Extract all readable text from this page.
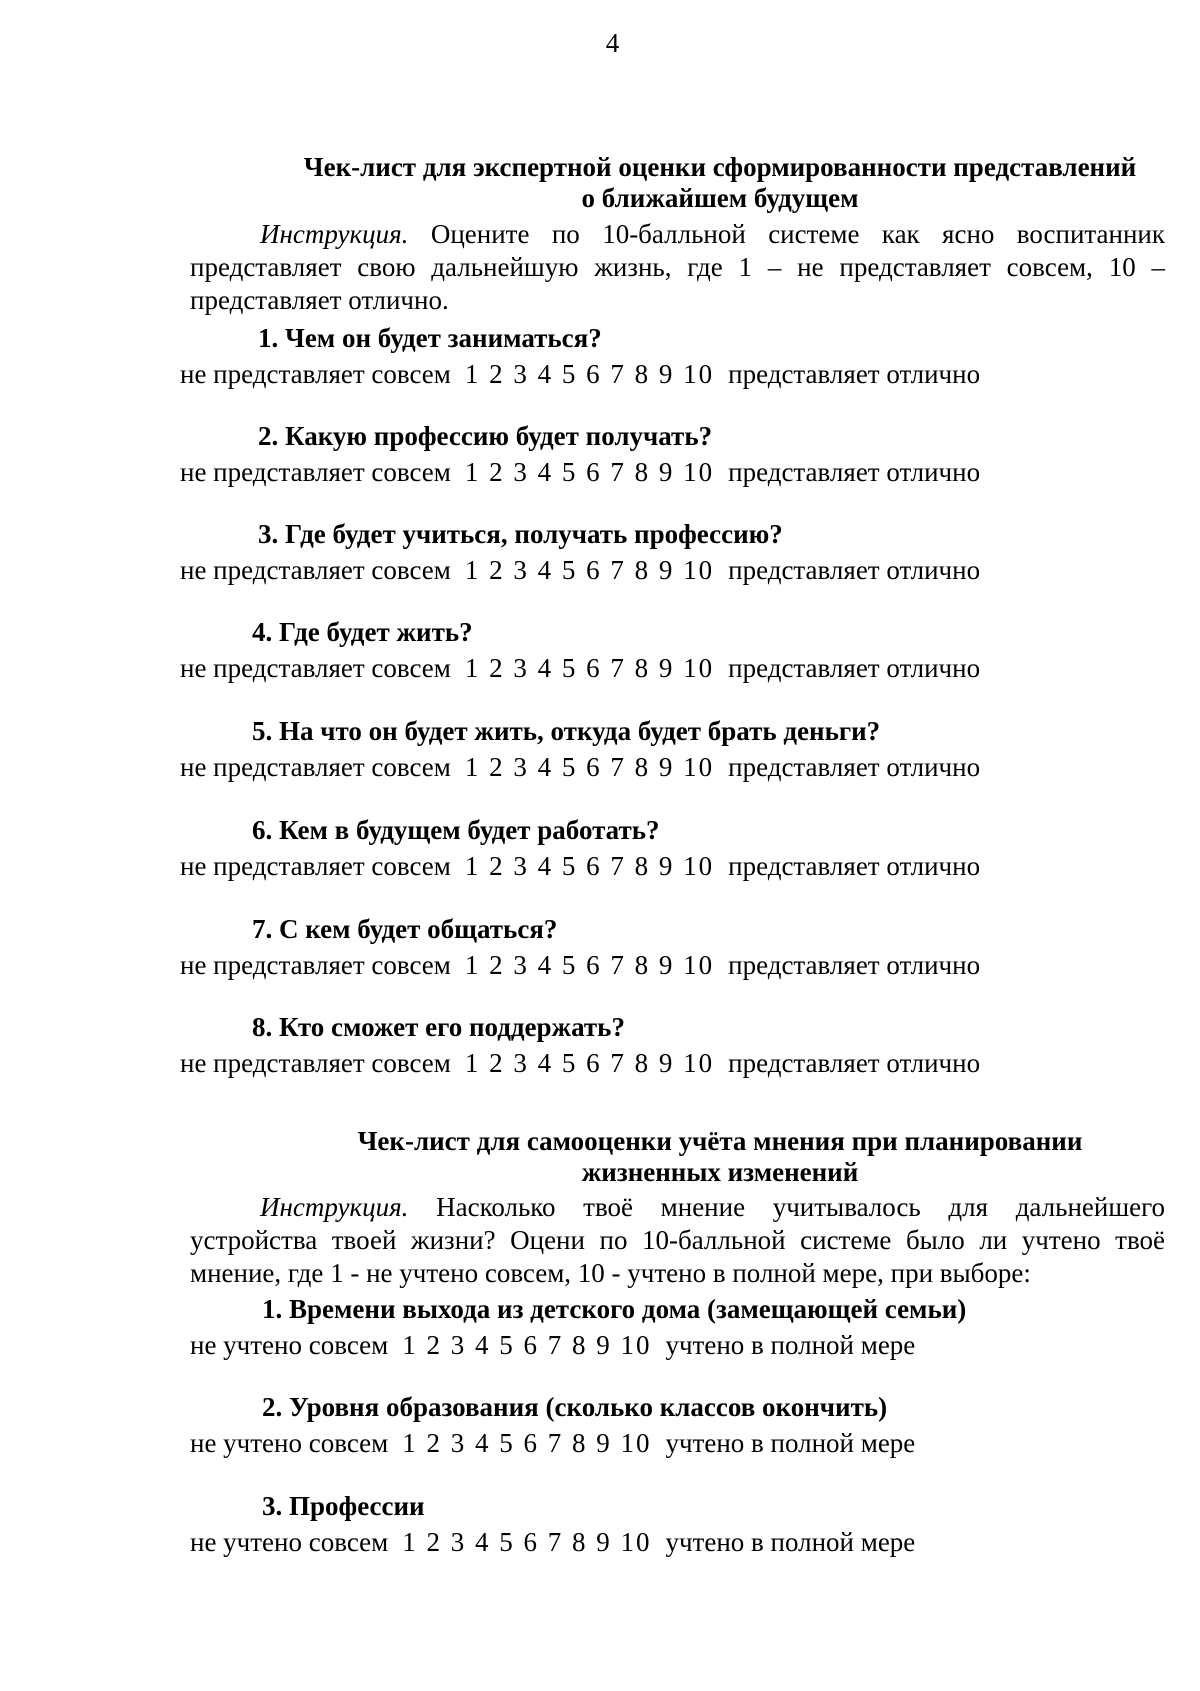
4
Чек-лист для экспертной оценки сформированности представлений
о ближайшем будущем
Инструкция. Оцените по 10-балльной системе как ясно воспитанник представляет свою дальнейшую жизнь, где 1 – не представляет совсем, 10 – представляет отлично.
1. Чем он будет заниматься?
не представляет совсем 1 2 3 4 5 6 7 8 9 10 представляет отлично
2. Какую профессию будет получать?
не представляет совсем 1 2 3 4 5 6 7 8 9 10 представляет отлично
3. Где будет учиться, получать профессию?
не представляет совсем 1 2 3 4 5 6 7 8 9 10 представляет отлично
4. Где будет жить?
не представляет совсем 1 2 3 4 5 6 7 8 9 10 представляет отлично
5. На что он будет жить, откуда будет брать деньги?
не представляет совсем 1 2 3 4 5 6 7 8 9 10 представляет отлично
6. Кем в будущем будет работать?
не представляет совсем 1 2 3 4 5 6 7 8 9 10 представляет отлично
7. С кем будет общаться?
не представляет совсем 1 2 3 4 5 6 7 8 9 10 представляет отлично
8. Кто сможет его поддержать?
не представляет совсем 1 2 3 4 5 6 7 8 9 10 представляет отлично
Чек-лист для самооценки учёта мнения при планировании
жизненных изменений
Инструкция. Насколько твоё мнение учитывалось для дальнейшего устройства твоей жизни? Оцени по 10-балльной системе было ли учтено твоё мнение, где 1 - не учтено совсем, 10 - учтено в полной мере, при выборе:
1. Времени выхода из детского дома (замещающей семьи)
не учтено совсем 1 2 3 4 5 6 7 8 9 10 учтено в полной мере
2. Уровня образования (сколько классов окончить)
не учтено совсем 1 2 3 4 5 6 7 8 9 10 учтено в полной мере
3. Профессии
не учтено совсем 1 2 3 4 5 6 7 8 9 10 учтено в полной мере
